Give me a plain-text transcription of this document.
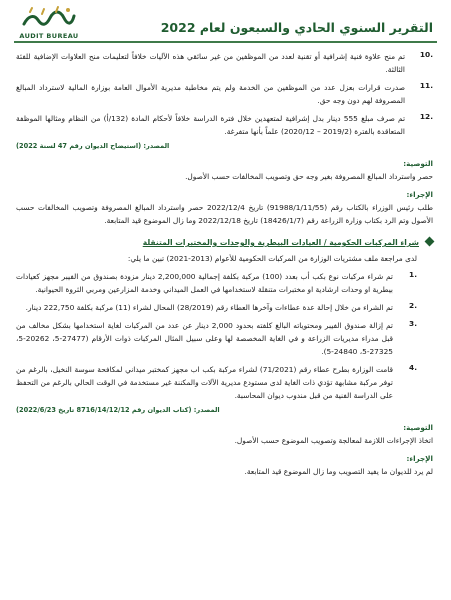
AUDIT BUREAU
التقرير السنوي الحادي والسبعون لعام 2022
.10

تم منح علاوة فنية إشرافية أو تقنية لعدد من الموظفين من غير سائقي هذه الآليات خلافاً لتعليمات منح العلاوات الإضافية للفئة الثالثة.

.11

صدرت قرارات بعزل عدد من الموظفين من الخدمة ولم يتم مخاطبة مديرية الأموال العامة بوزارة المالية لاسترداد المبالغ المصروفة لهم دون وجه حق.

.12

تم صرف مبلغ 555 دينار بدل إشرافية لمتعهدين خلال فترة الدراسة خلافاً لأحكام المادة (132/أ) من النظام ومثالها الموظفة المتعاقدة بالفترة (2019/2 – 2020/12) علماً بأنها متفرغة.

المصدر: (استيضاح الديوان رقم 47 لسنة 2022)
التوصية:

حصر واسترداد المبالغ المصروفة بغير وجه حق وتصويب المخالفات حسب الأصول.

الإجراء:

طلب رئيس الوزراء بالكتاب رقم (91988/1/11/55) تاريخ 2022/12/4 حصر واسترداد المبالغ المصروفة وتصويب المخالفات حسب الأصول وتم الرد بكتاب وزارة الزراعة رقم (18426/1/7) تاريخ 2022/12/18 وما زال الموضوع قيد المتابعة.

شراء المركبات الحكومية / العيادات البيطرية والوحدات والمختبرات المتنقلة

لدى مراجعة ملف مشتريات الوزارة من المركبات الحكومية للأعوام (2013-2021) تبين ما يلي:

.1

تم شراء مركبات نوع بكب أب بعدد (100) مركبة بكلفة إجمالية 2,200,000 دينار مزودة بصندوق من الفيبر مجهز كعيادات بيطرية او وحدات ارشادية او مختبرات متنقلة لاستخدامها في العمل الميداني وخدمة المزارعين ومربي الثروة الحيوانية.

.2

تم الشراء من خلال إحالة عدة عطاءات وآخرها العطاء رقم (28/2019) المحال لشراء (11) مركبة بكلفة 222,750 دينار.

.3

تم إزالة صندوق الفيبر ومحتوياته البالغ كلفته بحدود 2,000 دينار عن عدد من المركبات لغاية استخدامها بشكل مخالف من قبل مدراء مديريات الزراعة و في الغاية المخصصة لها وعلى سبيل المثال المركبات ذوات الأرقام (27477-5، 20262-5، 27325-5، 24840-5).

.4

قامت الوزارة بطرح عطاء رقم (71/2021) لشراء مركبة بكب اب مجهز كمختبر ميداني لمكافحة سوسة النخيل، بالرغم من توفر مركبة مشابهة تؤدي ذات الغاية لدى مستودع مديرية الآلات والمكننة غير مستخدمة في الوقت الحالي بالرغم من التحفظ على الدراسة الفنية من قبل مندوب ديوان المحاسبة.

المصدر: (كتاب الديوان رقم 8716/14/12/12 تاريخ 2022/6/23)
التوصية:

اتخاذ الإجراءات اللازمة لمعالجة وتصويب الموضوع حسب الأصول.

الإجراء:

لم يرد للديوان ما يفيد التصويب وما زال الموضوع قيد المتابعة.
